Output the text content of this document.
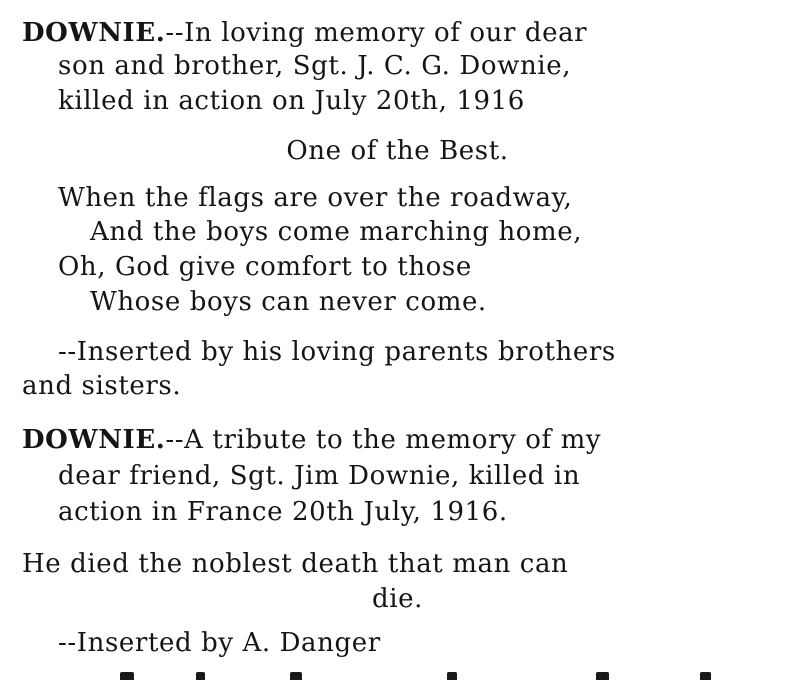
DOWNIE.--In loving memory of our dear
son and brother, Sgt. J. C. G. Downie,
killed in action on July 20th, 1916
One of the Best.
When the flags are over the roadway,
And the boys come marching home,
Oh, God give comfort to those
Whose boys can never come.
--Inserted by his loving parents brothers
and sisters.
DOWNIE.--A tribute to the memory of my
dear friend, Sgt. Jim Downie, killed in
action in France 20th July, 1916.
He died the noblest death that man can
die.
--Inserted by A. Danger
